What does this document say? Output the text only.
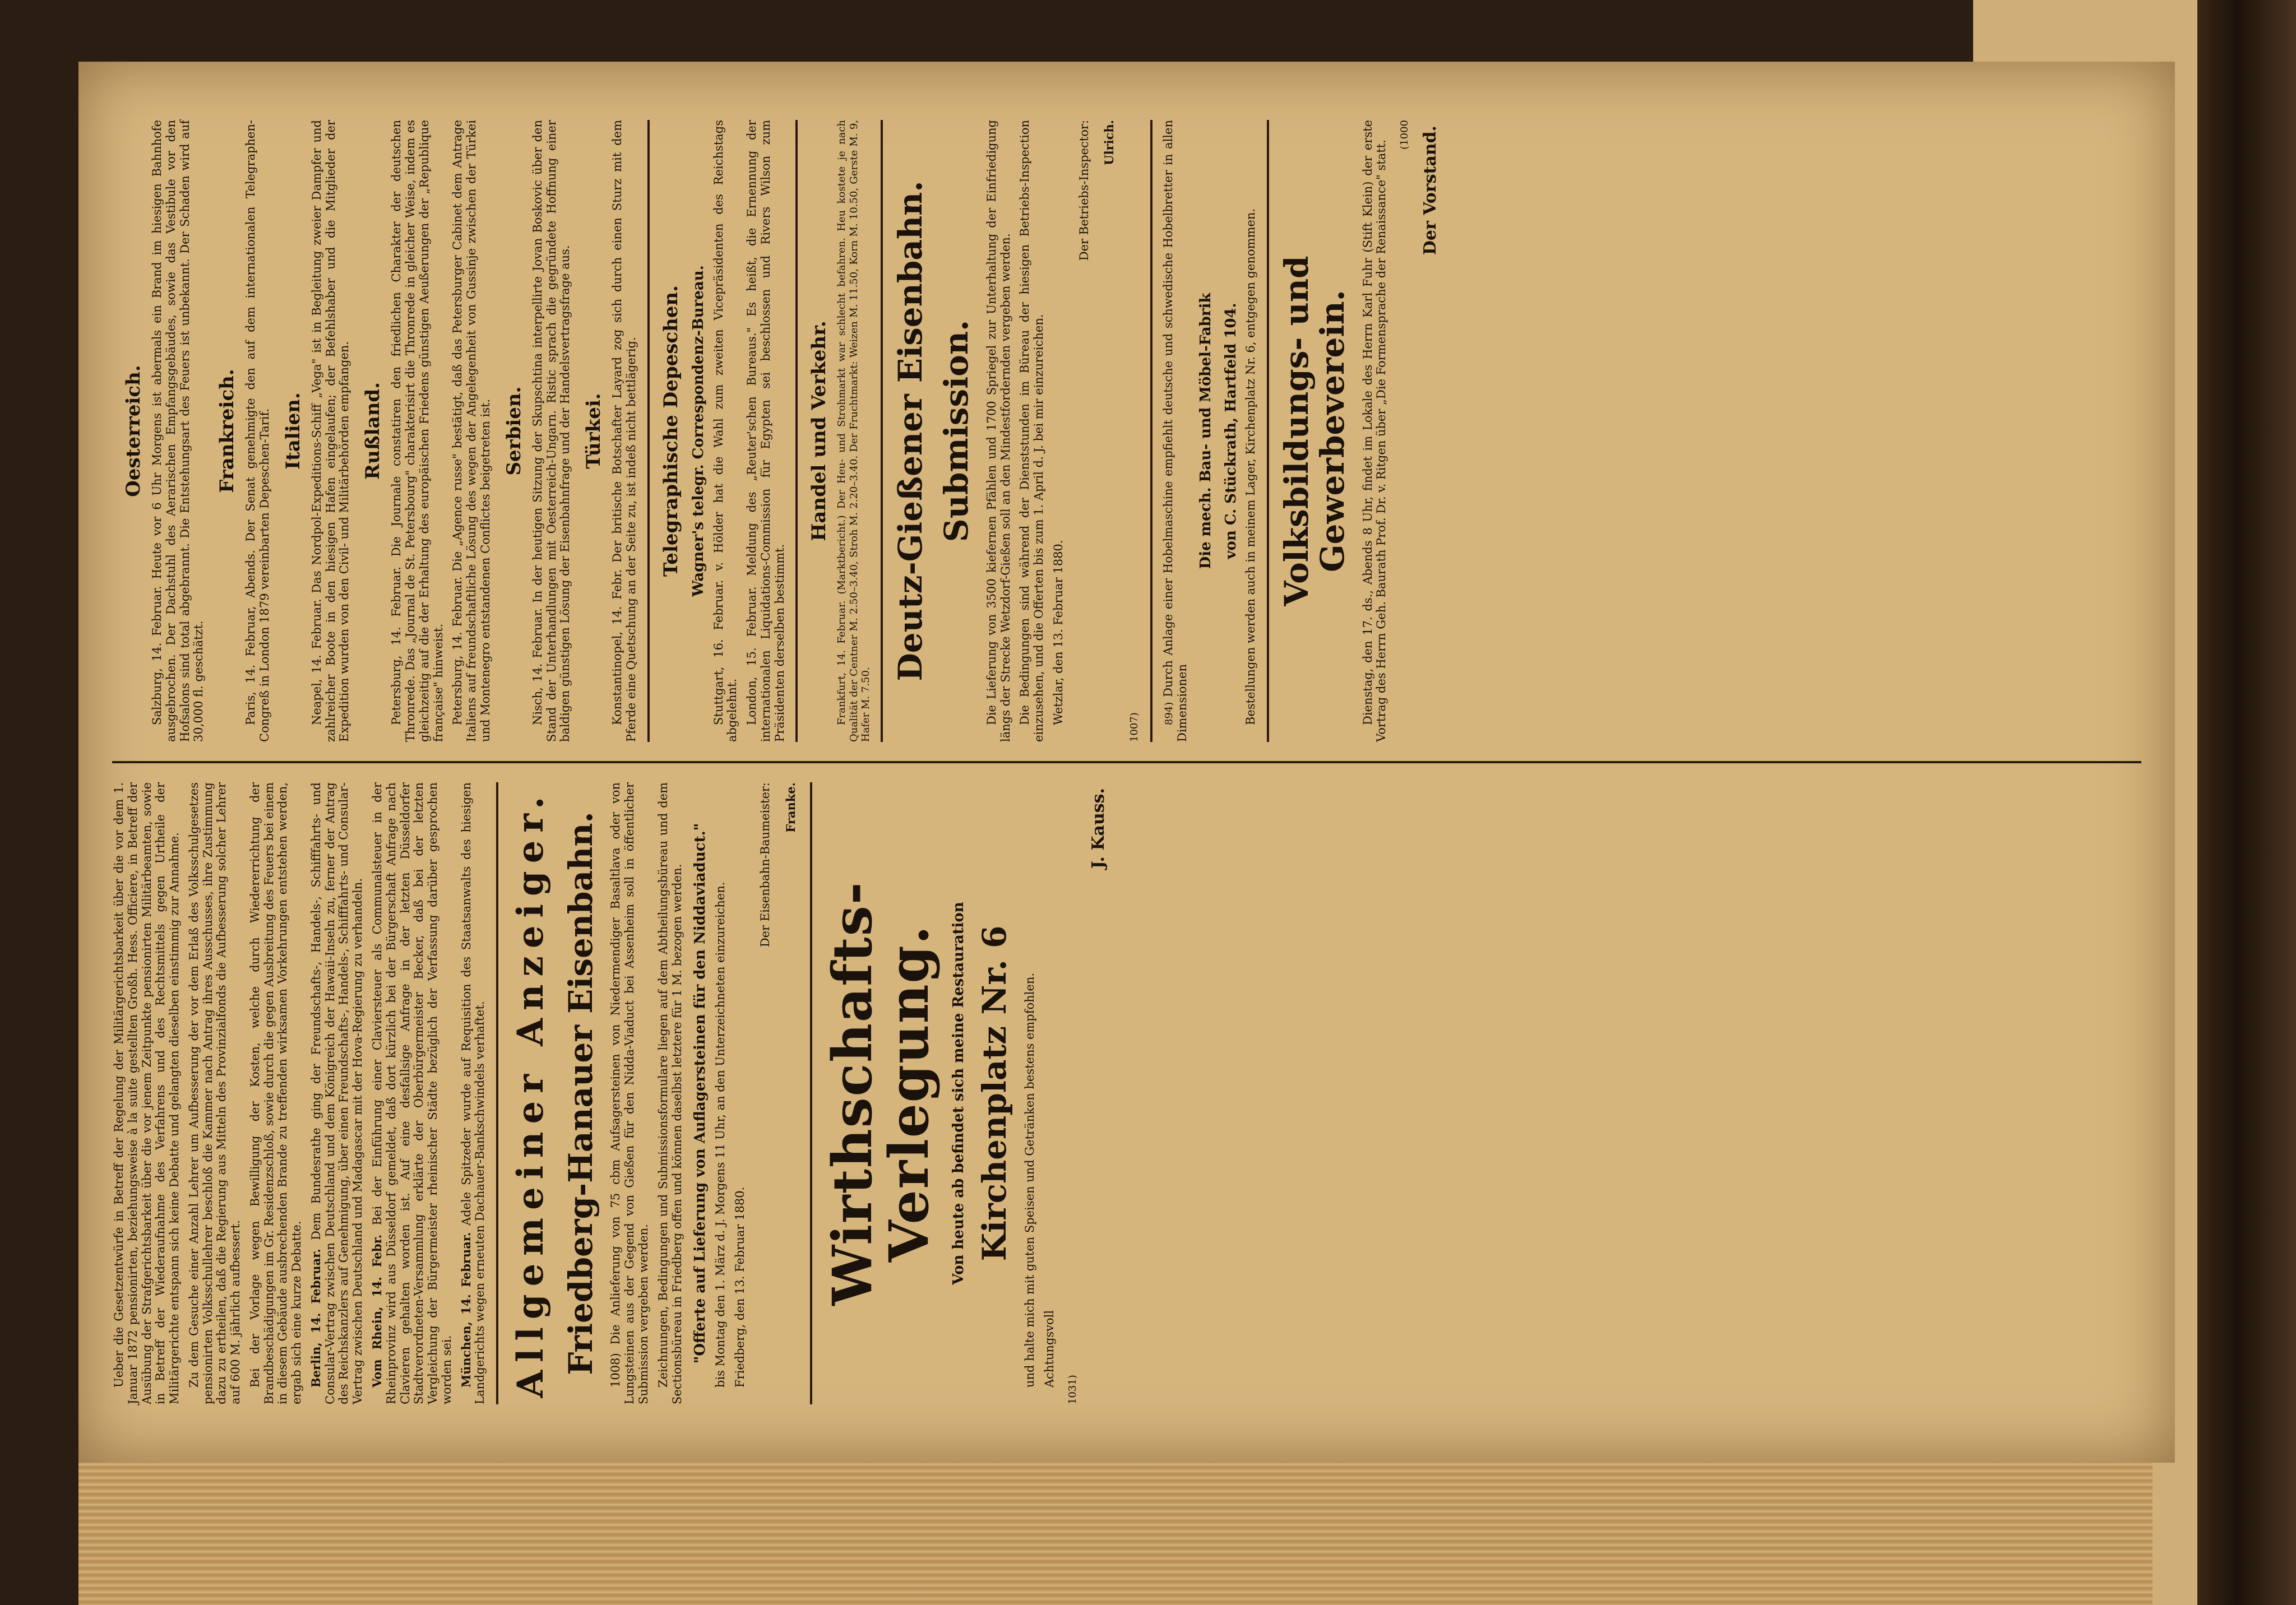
Ueber die Gesetzentwürfe in Betreff der Regelung der Militärgerichtsbarkeit über die vor dem 1. Januar 1872 pensionirten, beziehungsweise à la suite gestellten Großh. Hess. Officiere, in Betreff der Ausübung der Strafgerichtsbarkeit über die vor jenem Zeitpunkte pensionirten Militärbeamten, sowie in Betreff der Wiederaufnahme des Verfahrens und des Rechtsmittels gegen Urtheile der Militärgerichte entspann sich keine Debatte und gelangten dieselben einstimmig zur Annahme. Zu dem Gesuche einer Anzahl Lehrer um Aufbesserung der vor dem Erlaß des Volksschulgesetzes pensionirten Volksschullehrer beschloß die Kammer nach Antrag ihres Ausschusses, ihre Zustimmung dazu zu ertheilen, daß die Regierung aus Mitteln des Provinzialfonds die Aufbesserung solcher Lehrer auf 600 M. jährlich aufbessert. Bei der Vorlage wegen Bewilligung der Kosten, welche durch Wiedererrichtung der Brandbeschädigungen im Gr. Residenzschloß, sowie durch die gegen Ausbreitung des Feuers bei einem in diesem Gebäude ausbrechenden Brande zu treffenden wirksamen Vorkehrungen entstehen werden, ergab sich eine kurze Debatte. Berlin, 14. Februar. Dem Bundesrathe ging der Freundschafts-, Handels-, Schifffahrts- und Consular-Vertrag zwischen Deutschland und dem Königreich der Hawaii-Inseln zu, ferner der Antrag des Reichskanzlers auf Genehmigung, über einen Freundschafts-, Handels-, Schifffahrts- und Consular-Vertrag zwischen Deutschland und Madagascar mit der Hova-Regierung zu verhandeln. Vom Rhein, 14. Febr. Bei der Einführung einer Claviersteuer als Communalsteuer in der Rheinprovinz wird aus Düsseldorf gemeldet, daß dort kürzlich bei der Bürgerschaft Anfrage nach Clavieren gehalten worden ist. Auf eine desfallsige Anfrage in der letzten Düsseldorfer Stadtverordneten-Versammlung erklärte der Oberbürgermeister Becker, daß bei der letzten Vergleichung der Bürgermeister rheinischer Städte bezüglich der Verfassung darüber gesprochen worden sei. München, 14. Februar. Adele Spitzeder wurde auf Requisition des Staatsanwalts des hiesigen Landgerichts wegen erneuten Dachauer-Bankschwindels verhaftet. Allgemeiner Anzeiger. Friedberg-Hanauer Eisenbahn. 1008) Die Anlieferung von 75 cbm Aufsagersteinen von Niedermendiger Basaltlava oder von Lungsteinen aus der Gegend von Gießen für den Nidda-Viaduct bei Assenheim soll in öffentlicher Submission vergeben werden. Zeichnungen, Bedingungen und Submissionsformulare liegen auf dem Abtheilungsbüreau und dem Sectionsbüreau in Friedberg offen und können daselbst letztere für 1 M. bezogen werden. "Offerte auf Lieferung von Auflagersteinen für den Niddaviaduct." bis Montag den 1. März d. J. Morgens 11 Uhr, an den Unterzeichneten einzureichen. Friedberg, den 13. Februar 1880.

Der Eisenbahn-Baumeister: Franke.

Wirthschafts-Verlegung. Von heute ab befindet sich meine Restauration Kirchenplatz Nr. 6 und halte mich mit guten Speisen und Getränken bestens empfohlen. Achtungsvoll

1031)

J. Kauss.
Oesterreich. Salzburg, 14. Februar. Heute vor 6 Uhr Morgens ist abermals ein Brand im hiesigen Bahnhofe ausgebrochen. Der Dachstuhl des Aerarischen Empfangsgebäudes, sowie das Vestibule vor den Hofsalons sind total abgebrannt. Die Entstehungsart des Feuers ist unbekannt. Der Schaden wird auf 30,000 fl. geschätzt.

Frankreich. Paris, 14. Februar, Abends. Der Senat genehmigte den auf dem internationalen Telegraphen-Congreß in London 1879 vereinbarten Depeschen-Tarif. Italien. Neapel, 14. Februar. Das Nordpol-Expeditions-Schiff „Vega" ist in Begleitung zweier Dampfer und zahlreicher Boote in den hiesigen Hafen eingelaufen; der Befehlshaber und die Mitglieder der Expedition wurden von den Civil- und Militärbehörden empfangen. Rußland. Petersburg, 14. Februar. Die Journale constatiren den friedlichen Charakter der deutschen Thronrede. Das „Journal de St. Petersbourg" charakterisirt die Thronrede in gleicher Weise, indem es gleichzeitig auf die der Erhaltung des europäischen Friedens günstigen Aeußerungen der „Republique française" hinweist. Petersburg, 14. Februar. Die „Agence russe" bestätigt, daß das Petersburger Cabinet dem Antrage Italiens auf freundschaftliche Lösung des wegen der Angelegenheit von Gussinje zwischen der Türkei und Montenegro entstandenen Conflictes beigetreten ist. Serbien. Nisch, 14. Februar. In der heutigen Sitzung der Skupschtina interpellirte Jovan Boskovic über den Stand der Unterhandlungen mit Oesterreich-Ungarn. Ristic sprach die gegründete Hoffnung einer baldigen günstigen Lösung der Eisenbahnfrage und der Handelsvertragsfrage aus. Türkei. Konstantinopel, 14. Febr. Der britische Botschafter Layard zog sich durch einen Sturz mit dem Pferde eine Quetschung an der Seite zu, ist indeß nicht bettlägerig. Telegraphische Depeschen. Wagner's telegr. Correspondenz-Bureau. Stuttgart, 16. Februar. v. Hölder hat die Wahl zum zweiten Vicepräsidenten des Reichstags abgelehnt. London, 15. Februar. Meldung des „Reuter'schen Bureaus." Es heißt, die Ernennung der internationalen Liquidations-Commission für Egypten sei beschlossen und Rivers Wilson zum Präsidenten derselben bestimmt.

Handel und Verkehr. Frankfurt, 14. Februar. (Marktbericht.) Der Heu- und Strohmarkt war schlecht befahren. Heu kostete je nach Qualität der Centner M. 2.50–3.40, Stroh M. 2.20–3.40. Der Fruchtmarkt: Weizen M. 11.50, Korn M. 10.50, Gerste M. 9, Hafer M. 7.50.

Deutz-Gießener Eisenbahn. Submission. Die Lieferung von 3500 kiefernen Pfählen und 1700 Spriegel zur Unterhaltung der Einfriedigung längs der Strecke Wetzdorf-Gießen soll an den Mindestfordernden vergeben werden. Die Bedingungen sind während der Dienststunden im Büreau der hiesigen Betriebs-Inspection einzusehen, und die Offerten bis zum 1. April d. J. bei mir einzureichen. Wetzlar, den 13. Februar 1880.

Der Betriebs-Inspector: Ulrich.

1007) 894) Durch Anlage einer Hobelmaschine empfiehlt deutsche und schwedische Hobelbretter in allen Dimensionen

Die mech. Bau- und Möbel-Fabrik von C. Stückrath, Hartfeld 104. Bestellungen werden auch in meinem Lager, Kirchenplatz Nr. 6, entgegen genommen. Volksbildungs- und Gewerbeverein. Dienstag, den 17. ds., Abends 8 Uhr, findet im Lokale des Herrn Karl Fuhr (Stift Klein) der erste Vortrag des Herrn Geh. Baurath Prof. Dr. v. Ritgen über „Die Formensprache der Renaissance" statt.

(1000 Der Vorstand.
